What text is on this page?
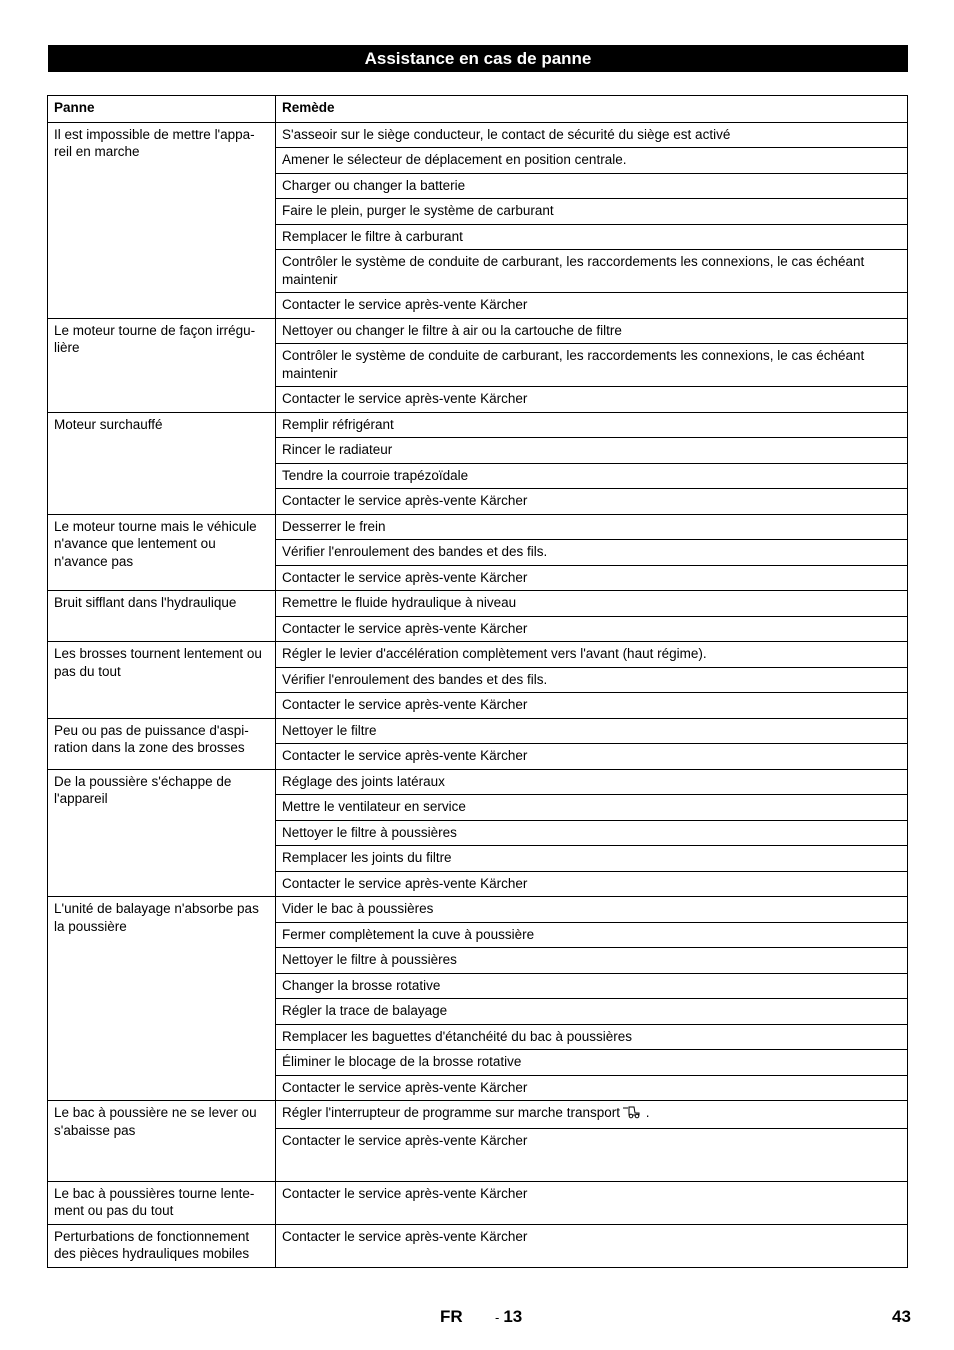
Assistance en cas de panne
Panne	Remède
Il est impossible de mettre l'appa-reil en marche	S'asseoir sur le siège conducteur, le contact de sécurité du siège est activé
	Amener le sélecteur de déplacement en position centrale.
	Charger ou changer la batterie
	Faire le plein, purger le système de carburant
	Remplacer le filtre à carburant
	Contrôler le système de conduite de carburant, les raccordements les connexions, le cas échéant maintenir
	Contacter le service après-vente Kärcher
Le moteur tourne de façon irrégu-lière	Nettoyer ou changer le filtre à air ou la cartouche de filtre
	Contrôler le système de conduite de carburant, les raccordements les connexions, le cas échéant maintenir
	Contacter le service après-vente Kärcher
Moteur surchauffé	Remplir réfrigérant
	Rincer le radiateur
	Tendre la courroie trapézoïdale
	Contacter le service après-vente Kärcher
Le moteur tourne mais le véhicule n'avance que lentement ou n'avance pas	Desserrer le frein
	Vérifier l'enroulement des bandes et des fils.
	Contacter le service après-vente Kärcher
Bruit sifflant dans l'hydraulique	Remettre le fluide hydraulique à niveau
	Contacter le service après-vente Kärcher
Les brosses tournent lentement ou pas du tout	Régler le levier d'accélération complètement vers l'avant (haut régime).
	Vérifier l'enroulement des bandes et des fils.
	Contacter le service après-vente Kärcher
Peu ou pas de puissance d'aspi-ration dans la zone des brosses	Nettoyer le filtre
	Contacter le service après-vente Kärcher
De la poussière s'échappe de l'appareil	Réglage des joints latéraux
	Mettre le ventilateur en service
	Nettoyer le filtre à poussières
	Remplacer les joints du filtre
	Contacter le service après-vente Kärcher
L'unité de balayage n'absorbe pas la poussière	Vider le bac à poussières
	Fermer complètement la cuve à poussière
	Nettoyer le filtre à poussières
	Changer la brosse rotative
	Régler la trace de balayage
	Remplacer les baguettes d'étanchéité du bac à poussières
	Éliminer le blocage de la brosse rotative
	Contacter le service après-vente Kärcher
Le bac à poussière ne se lever ou s'abaisse pas	Régler l'interrupteur de programme sur marche transport .
	Contacter le service après-vente Kärcher
Le bac à poussières tourne lente-ment ou pas du tout	Contacter le service après-vente Kärcher
Perturbations de fonctionnement des pièces hydrauliques mobiles	Contacter le service après-vente Kärcher
FR - 13	43
